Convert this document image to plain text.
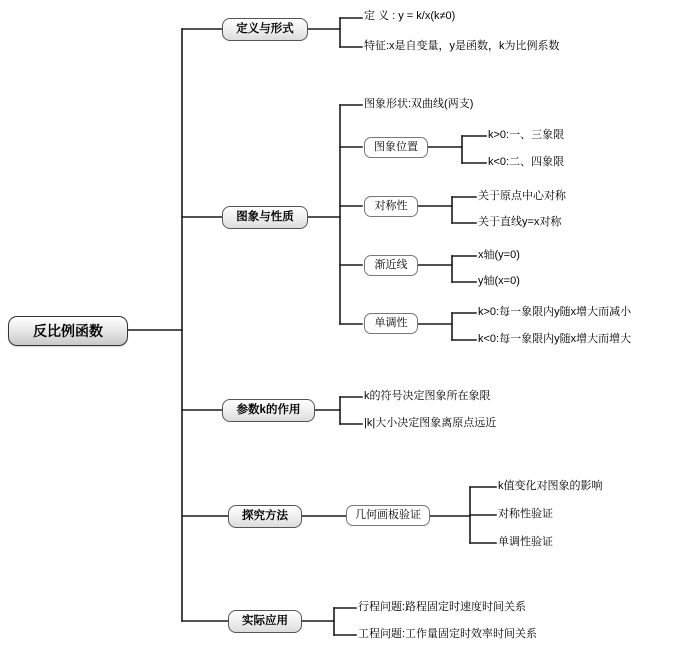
反比例函数
定义与形式
图象与性质
参数k的作用
探究方法
实际应用
图象形状:双曲线(两支)
图象位置
对称性
渐近线
单调性
几何画板验证
定 义 : y = k/x(k≠0)
特征:x是自变量，y是函数，k为比例系数
k>0:一、三象限
k<0:二、四象限
关于原点中心对称
关于直线y=x对称
x轴(y=0)
y轴(x=0)
k>0:每一象限内y随x增大而减小
k<0:每一象限内y随x增大而增大
k的符号决定图象所在象限
|k|大小决定图象离原点远近
k值变化对图象的影响
对称性验证
单调性验证
行程问题:路程固定时速度时间关系
工程问题:工作量固定时效率时间关系
